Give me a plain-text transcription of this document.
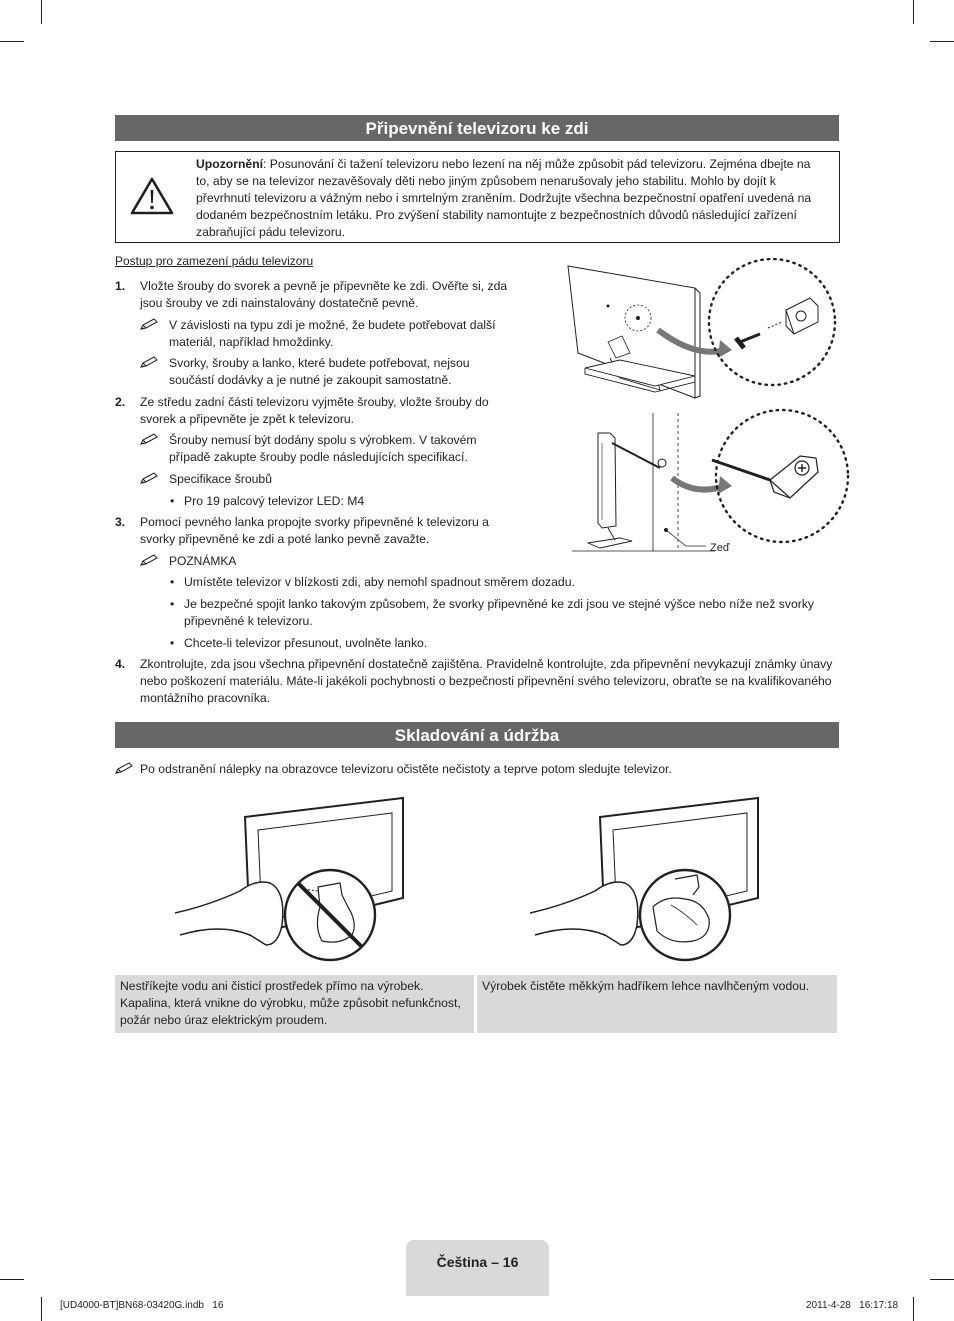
Připevnění televizoru ke zdi
Upozornění: Posunování či tažení televizoru nebo lezení na něj může způsobit pád televizoru. Zejména dbejte na to, aby se na televizor nezavěšovaly děti nebo jiným způsobem nenarušovaly jeho stabilitu. Mohlo by dojít k převrhnutí televizoru a vážným nebo i smrtelným zraněním. Dodržujte všechna bezpečnostní opatření uvedená na dodaném bezpečnostním letáku. Pro zvýšení stability namontujte z bezpečnostních důvodů následující zařízení zabraňující pádu televizoru.
Postup pro zamezení pádu televizoru
1. Vložte šrouby do svorek a pevně je připevněte ke zdi. Ověřte si, zda jsou šrouby ve zdi nainstalovány dostatečně pevně.
V závislosti na typu zdi je možné, že budete potřebovat další materiál, například hmoždinky.
Svorky, šrouby a lanko, které budete potřebovat, nejsou součástí dodávky a je nutné je zakoupit samostatně.
2. Ze středu zadní části televizoru vyjměte šrouby, vložte šrouby do svorek a připevněte je zpět k televizoru.
Šrouby nemusí být dodány spolu s výrobkem. V takovém případě zakupte šrouby podle následujících specifikací.
Specifikace šroubů
• Pro 19 palcový televizor LED: M4
3. Pomocí pevného lanka propojte svorky připevněné k televizoru a svorky připevněné ke zdi a poté lanko pevně zavažte.
POZNÁMKA
• Umístěte televizor v blízkosti zdi, aby nemohl spadnout směrem dozadu.
• Je bezpečné spojit lanko takovým způsobem, že svorky připevněné ke zdi jsou ve stejné výšce nebo níže než svorky připevněné k televizoru.
• Chcete-li televizor přesunout, uvolněte lanko.
4. Zkontrolujte, zda jsou všechna připevnění dostatečně zajištěna. Pravidelně kontrolujte, zda připevnění nevykazují známky únavy nebo poškození materiálu. Máte-li jakékoli pochybnosti o bezpečnosti připevnění svého televizoru, obraťte se na kvalifikovaného montážního pracovníka.
Zeď
Skladování a údržba
Po odstranění nálepky na obrazovce televizoru očistěte nečistoty a teprve potom sledujte televizor.
Nestříkejte vodu ani čisticí prostředek přímo na výrobek. Kapalina, která vnikne do výrobku, může způsobit nefunkčnost, požár nebo úraz elektrickým proudem.
Výrobek čistěte měkkým hadříkem lehce navlhčeným vodou.
Čeština – 16
[UD4000-BT]BN68-03420G.indb   16	2011-4-28   16:17:18
